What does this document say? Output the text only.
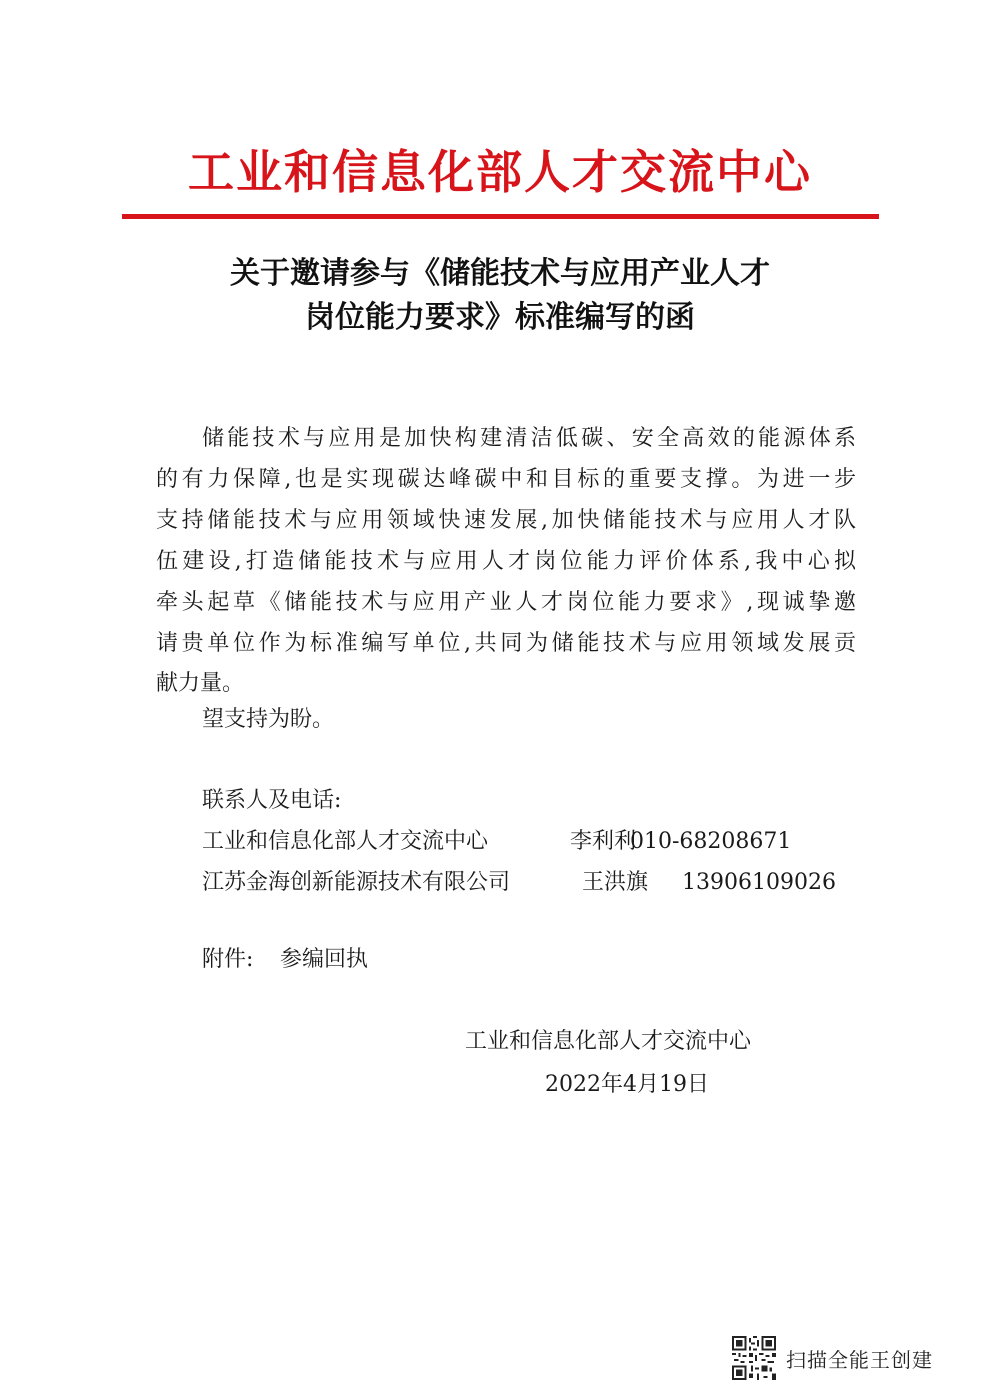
工业和信息化部人才交流中心
关于邀请参与《储能技术与应用产业人才
岗位能力要求》标准编写的函
储能技术与应用是加快构建清洁低碳、安全高效的能源体系
的有力保障,也是实现碳达峰碳中和目标的重要支撑。为进一步
支持储能技术与应用领域快速发展,加快储能技术与应用人才队
伍建设,打造储能技术与应用人才岗位能力评价体系,我中心拟
牵头起草《储能技术与应用产业人才岗位能力要求》,现诚挚邀
请贵单位作为标准编写单位,共同为储能技术与应用领域发展贡
献力量。
望支持为盼。
联系人及电话:
工业和信息化部人才交流中心	李利利010-68208671
江苏金海创新能源技术有限公司	王洪旗 13906109026
附件: 参编回执
工业和信息化部人才交流中心
2022年4月19日
扫描全能王创建
